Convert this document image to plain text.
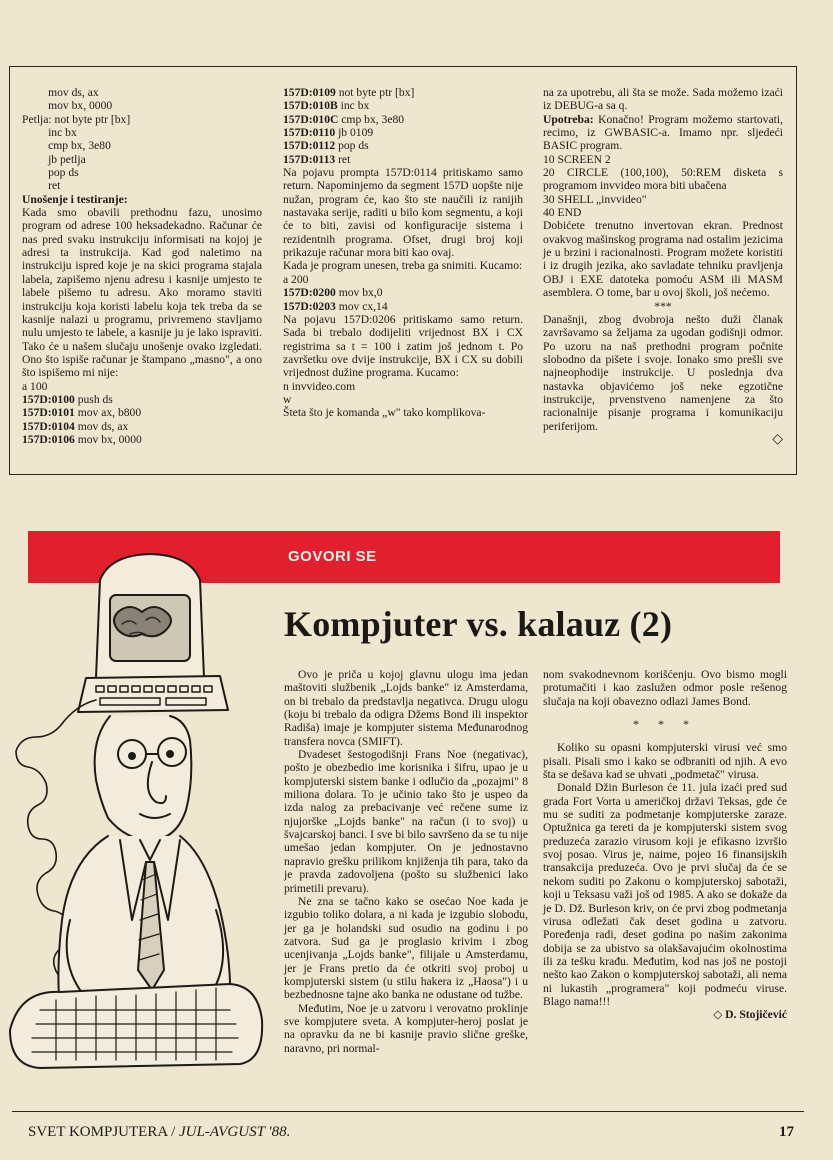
mov ds, ax
mov bx, 0000
Petlja: not byte ptr [bx]
inc bx
cmp bx, 3e80
jb petlja
pop ds
ret
Unošenje i testiranje:
Kada smo obavili prethodnu fazu, unosimo program od adrese 100 heksadekadno. Računar će nas pred svaku instrukciju informisati na kojoj je adresi ta instrukcija. Kad god naletimo na instrukciju ispred koje je na skici programa stajala labela, zapišemo njenu adresu i kasnije umjesto te labele pišemo tu adresu. Ako moramo staviti instrukciju koja koristi labelu koja tek treba da se kasnije nalazi u programu, privremeno stavljamo nulu umjesto te labele, a kasnije ju je lako ispraviti. Tako će u našem slučaju unošenje ovako izgledati. Ono što ispiše računar je štampano „masno", a ono što ispišemo mi nije:
a 100
157D:0100 push ds
157D:0101 mov ax, b800
157D:0104 mov ds, ax
157D:0106 mov bx, 0000
157D:0109 not byte ptr [bx]
157D:010B inc bx
157D:010C cmp bx, 3e80
157D:0110 jb 0109
157D:0112 pop ds
157D:0113 ret

Na pojavu prompta 157D:0114 pritiskamo samo return. Napominjemo da segment 157D uopšte nije nužan, program će, kao što ste naučili iz ranijih nastavaka serije, raditi u bilo kom segmentu, a koji će to biti, zavisi od konfiguracije sistema i rezidentnih programa. Ofset, drugi broj koji prikazuje računar mora biti kao ovaj.

Kada je program unesen, treba ga snimiti. Kucamo:

a 200
157D:0200 mov bx,0
157D:0203 mov cx,14

Na pojavu 157D:0206 pritiskamo samo return. Sada bi trebalo dodijeliti vrijednost BX i CX registrima sa t = 100 i zatim još jednom t. Po završetku ove dvije instrukcije, BX i CX su dobili vrijednost dužine programa. Kucamo:

n invvideo.com
w

Šteta što je komanda „w" tako komplikova-

na za upotrebu, ali šta se može. Sada možemo izaći iz DEBUG-a sa q.

Upotreba: Konačno! Program možemo startovati, recimo, iz GWBASIC-a. Imamo npr. sljedeći BASIC program.

10 SCREEN 2
20 CIRCLE (100,100), 50:REM disketa s programom invvideo mora biti ubačena
30 SHELL „invvideo"
40 END

Dobićete trenutno invertovan ekran. Prednost ovakvog mašinskog programa nad ostalim jezicima je u brzini i racionalnosti. Program možete koristiti i iz drugih jezika, ako savladate tehniku pravljenja OBJ i EXE datoteka pomoću ASM ili MASM asemblera. O tome, bar u ovoj školi, još nećemo.

***

Današnji, zbog dvobroja nešto duži članak završavamo sa željama za ugodan godišnji odmor. Po uzoru na naš prethodni program počnite slobodno da pišete i svoje. Ionako smo prešli sve najneophodije instrukcije. U poslednja dva nastavka objavićemo još neke egzotične instrukcije, prvenstveno namenjene za što racionalnije pisanje programa i komunikaciju periferijom.

◇
GOVORI SE
Kompjuter vs. kalauz (2)

Ovo je priča u kojoj glavnu ulogu ima jedan maštoviti službenik „Lojds banke" iz Amsterdama, on bi trebalo da predstavlja negativca. Drugu ulogu (koju bi trebalo da odigra Džems Bond ili inspektor Radiša) imaje je kompjuter sistema Međunarodnog transfera novca (SMIFT).

Dvadeset šestogodišnji Frans Noe (negativac), pošto je obezbedio ime korisnika i šifru, upao je u kompjuterski sistem banke i odlučio da „pozajmi" 8 miliona dolara. To je učinio tako što je uspeo da izda nalog za prebacivanje već rečene sume iz njujorške „Lojds banke" na račun (i to svoj) u švajcarskoj banci. I sve bi bilo savršeno da se tu nije umešao jedan kompjuter. On je jednostavno napravio grešku prilikom knjiženja tih para, tako da je pravda zadovoljena (pošto su službenici lako primetili prevaru).

Ne zna se tačno kako se osećao Noe kada je izgubio toliko dolara, a ni kada je izgubio slobodu, jer ga je holandski sud osudio na godinu i po zatvora. Sud ga je proglasio krivim i zbog ucenjivanja „Lojds banke", filijale u Amsterdamu, jer je Frans pretio da će otkriti svoj proboj u kompjuterski sistem (u stilu hakera iz „Haosa") i u bezbednosne tajne ako banka ne odustane od tužbe.

Međutim, Noe je u zatvoru i verovatno proklinje sve kompjutere sveta. A kompjuter-heroj poslat je na opravku da ne bi kasnije pravio slične greške, naravno, pri normal-

nom svakodnevnom korišćenju. Ovo bismo mogli protumačiti i kao zaslužen odmor posle rešenog slučaja na koji obavezno odlazi James Bond.

* * *

Koliko su opasni kompjuterski virusi već smo pisali. Pisali smo i kako se odbraniti od njih. A evo šta se dešava kad se uhvati „podmetač" virusa.

Donald Džin Burleson će 11. jula izaći pred sud grada Fort Vorta u američkoj državi Teksas, gde će mu se suditi za podmetanje kompjuterske zaraze. Optužnica ga tereti da je kompjuterski sistem svog preduzeća zarazio virusom koji je efikasno izvršio svoj posao. Virus je, naime, pojeo 16 finansijskih transakcija preduzeća. Ovo je prvi slučaj da će se nekom suditi po Zakonu o kompjuterskoj sabotaži, koji u Teksasu važi još od 1985. A ako se dokaže da je D. Dž. Burleson kriv, on će prvi zbog podmetanja virusa odležati čak deset godina u zatvoru. Poređenja radi, deset godina po našim zakonima dobija se za ubistvo sa olakšavajućim okolnostima ili za tešku krađu. Međutim, kod nas još ne postoji nešto kao Zakon o kompjuterskoj sabotaži, ali nema ni lukastih „programera" koji podmeću viruse. Blago nama!!!

◇ D. Stojičević
SVET KOMPJUTERA / JUL-AVGUST '88.	17
